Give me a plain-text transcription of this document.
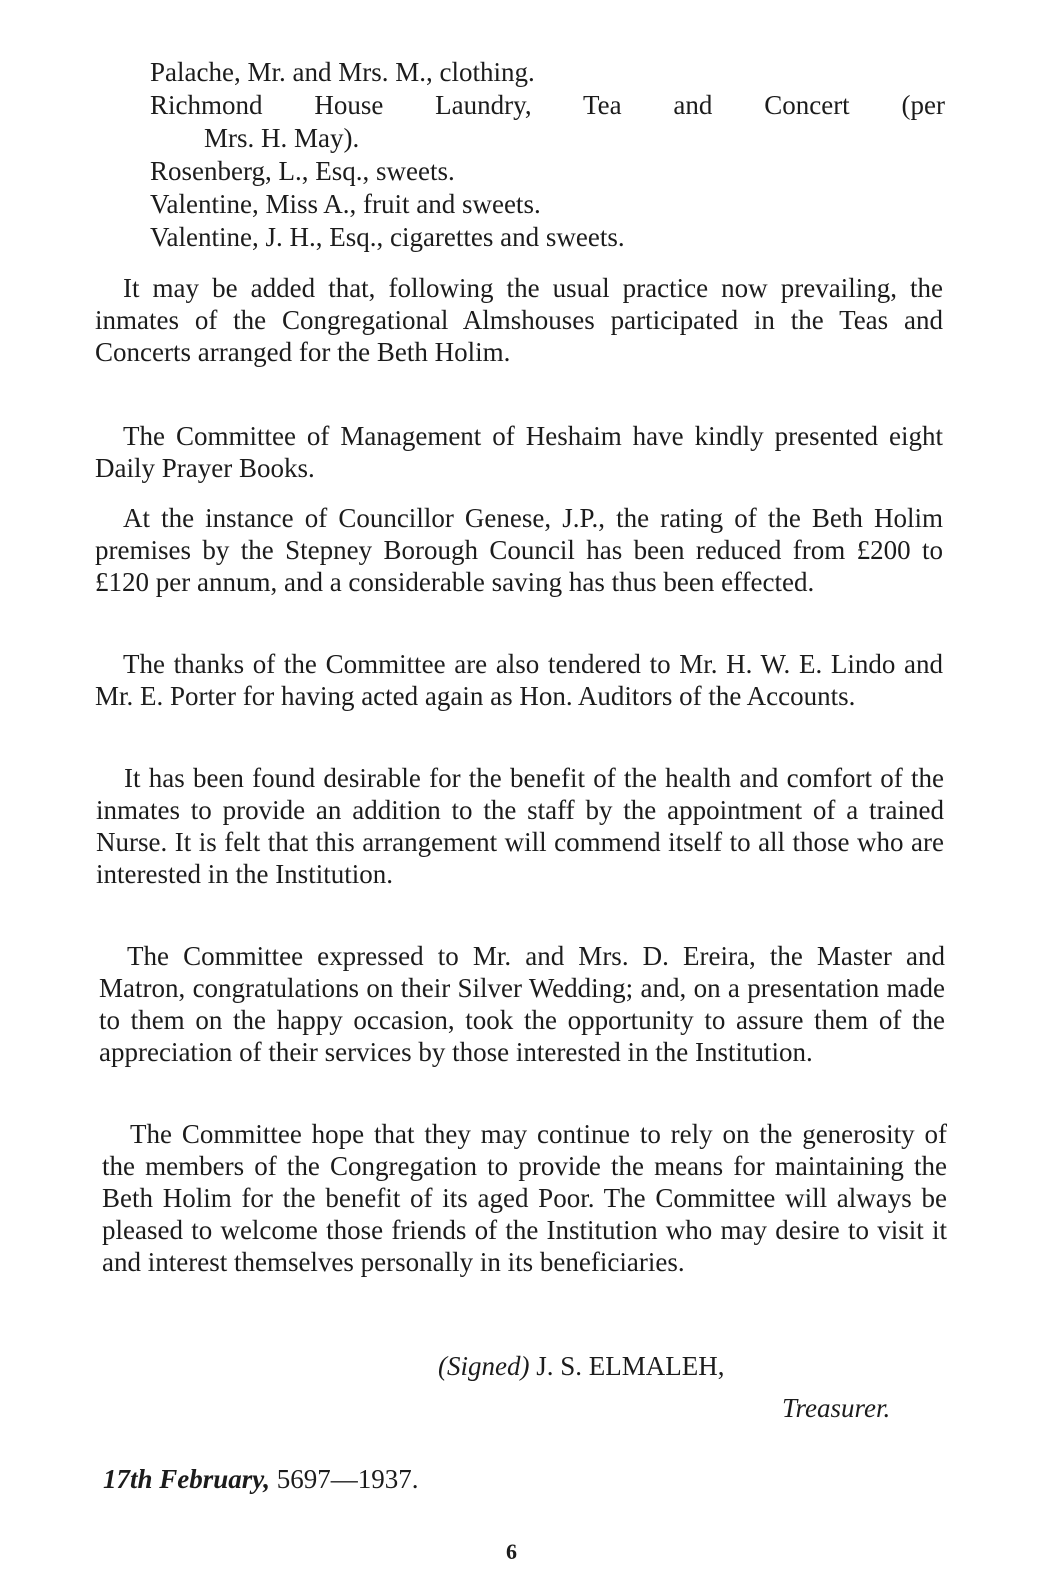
Palache, Mr. and Mrs. M., clothing.
Richmond House Laundry, Tea and Concert (per
Mrs. H. May).
Rosenberg, L., Esq., sweets.
Valentine, Miss A., fruit and sweets.
Valentine, J. H., Esq., cigarettes and sweets.

It may be added that, following the usual practice now prevailing, the inmates of the Congregational Almshouses participated in the Teas and Concerts arranged for the Beth Holim.

The Committee of Management of Heshaim have kindly presented eight Daily Prayer Books.

At the instance of Councillor Genese, J.P., the rating of the Beth Holim premises by the Stepney Borough Council has been reduced from £200 to £120 per annum, and a considerable saving has thus been effected.

The thanks of the Committee are also tendered to Mr. H. W. E. Lindo and Mr. E. Porter for having acted again as Hon. Auditors of the Accounts.

It has been found desirable for the benefit of the health and comfort of the inmates to provide an addition to the staff by the appointment of a trained Nurse. It is felt that this arrangement will commend itself to all those who are interested in the Institution.

The Committee expressed to Mr. and Mrs. D. Ereira, the Master and Matron, congratulations on their Silver Wedding; and, on a presentation made to them on the happy occasion, took the opportunity to assure them of the appreciation of their services by those interested in the Institution.

The Committee hope that they may continue to rely on the generosity of the members of the Congregation to provide the means for maintaining the Beth Holim for the benefit of its aged Poor. The Committee will always be pleased to welcome those friends of the Institution who may desire to visit it and interest themselves personally in its beneficiaries.

(Signed) J. S. ELMALEH,
Treasurer.
17th February, 5697—1937.
6
